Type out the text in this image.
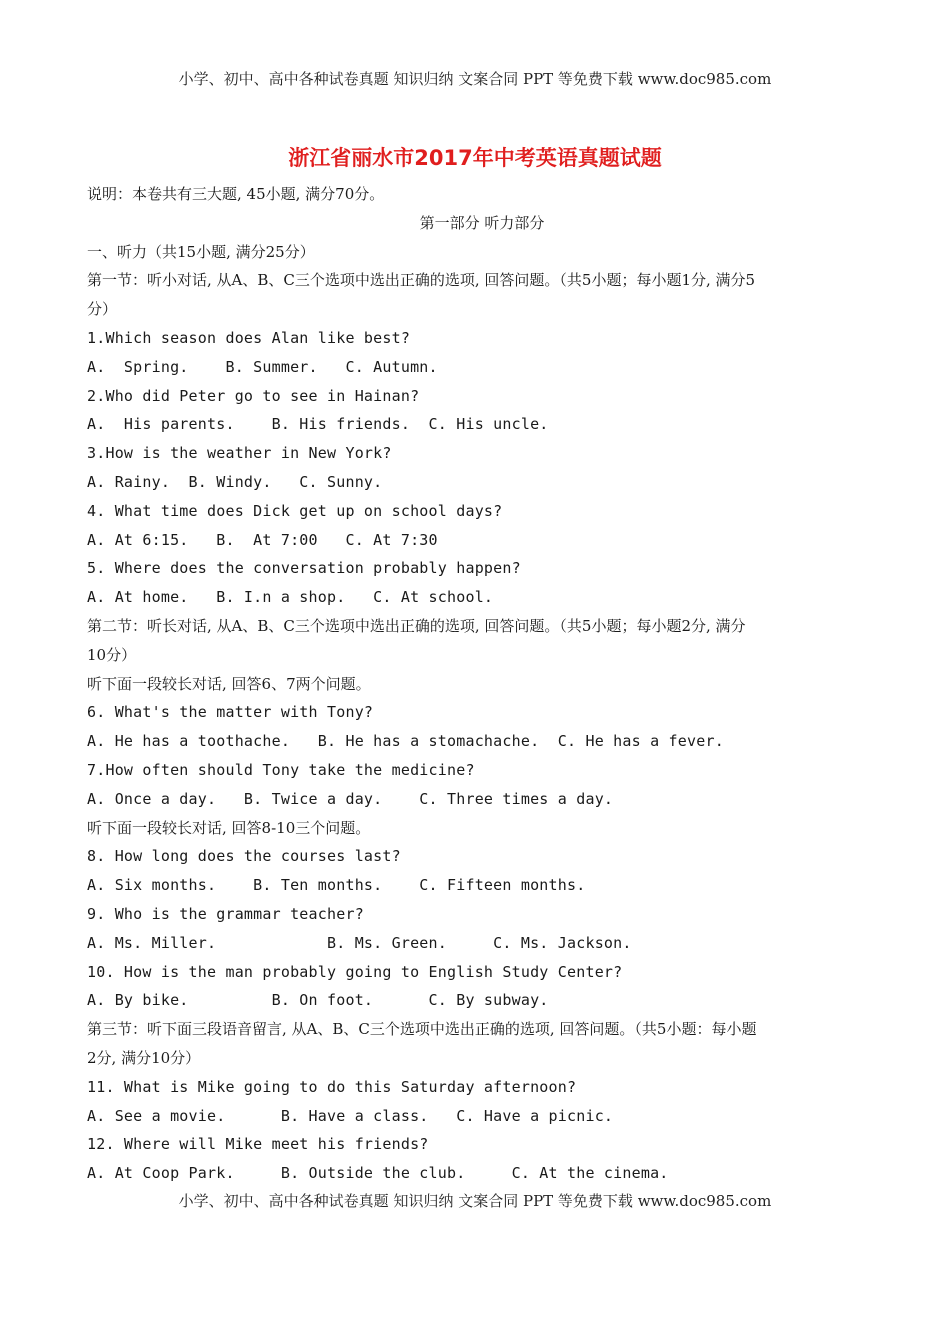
小学、初中、高中各种试卷真题 知识归纳 文案合同 PPT 等免费下载 www.doc985.com
浙江省丽水市2017年中考英语真题试题
说明：本卷共有三大题, 45小题, 满分70分。
第一部分 听力部分
一、听力（共15小题, 满分25分）
第一节：听小对话, 从A、B、C三个选项中选出正确的选项, 回答问题。（共5小题；每小题1分, 满分5
分）
1.Which season does Alan like best?
A.  Spring.    B. Summer.   C. Autumn.
2.Who did Peter go to see in Hainan?
A.  His parents.    B. His friends.  C. His uncle.
3.How is the weather in New York?
A. Rainy.  B. Windy.   C. Sunny.
4. What time does Dick get up on school days?
A. At 6:15.   B.  At 7:00   C. At 7:30
5. Where does the conversation probably happen?
A. At home.   B. I.n a shop.   C. At school.
第二节：听长对话, 从A、B、C三个选项中选出正确的选项, 回答问题。（共5小题；每小题2分, 满分
10分）
听下面一段较长对话, 回答6、7两个问题。
6. What's the matter with Tony?
A. He has a toothache.   B. He has a stomachache.  C. He has a fever.
7.How often should Tony take the medicine?
A. Once a day.   B. Twice a day.    C. Three times a day.
听下面一段较长对话, 回答8-10三个问题。
8. How long does the courses last?
A. Six months.    B. Ten months.    C. Fifteen months.
9. Who is the grammar teacher?
A. Ms. Miller.            B. Ms. Green.     C. Ms. Jackson.
10. How is the man probably going to English Study Center?
A. By bike.         B. On foot.      C. By subway.
第三节：听下面三段语音留言, 从A、B、C三个选项中选出正确的选项, 回答问题。（共5小题：每小题
2分, 满分10分）
11. What is Mike going to do this Saturday afternoon?
A. See a movie.      B. Have a class.   C. Have a picnic.
12. Where will Mike meet his friends?
A. At Coop Park.     B. Outside the club.     C. At the cinema.
小学、初中、高中各种试卷真题 知识归纳 文案合同 PPT 等免费下载 www.doc985.com
